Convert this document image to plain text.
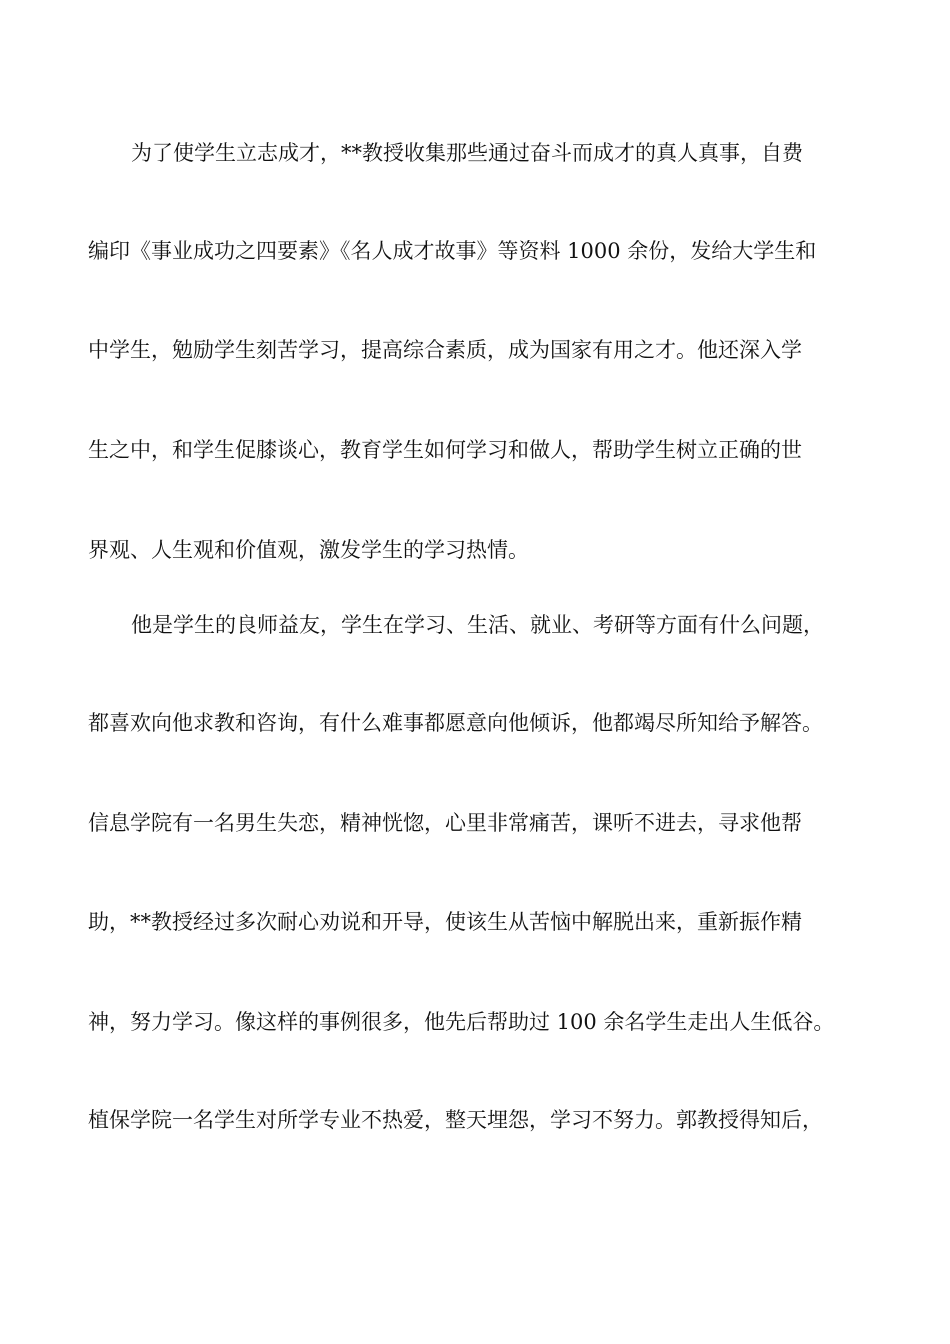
为了使学生立志成才，**教授收集那些通过奋斗而成才的真人真事，自费

编印《事业成功之四要素》《名人成才故事》等资料 1000 余份，发给大学生和

中学生，勉励学生刻苦学习，提高综合素质，成为国家有用之才。他还深入学

生之中，和学生促膝谈心，教育学生如何学习和做人，帮助学生树立正确的世

界观、人生观和价值观，激发学生的学习热情。

他是学生的良师益友，学生在学习、生活、就业、考研等方面有什么问题，

都喜欢向他求教和咨询，有什么难事都愿意向他倾诉，他都竭尽所知给予解答。

信息学院有一名男生失恋，精神恍惚，心里非常痛苦，课听不进去，寻求他帮

助，**教授经过多次耐心劝说和开导，使该生从苦恼中解脱出来，重新振作精

神，努力学习。像这样的事例很多，他先后帮助过 100 余名学生走出人生低谷。

植保学院一名学生对所学专业不热爱，整天埋怨，学习不努力。郭教授得知后，
